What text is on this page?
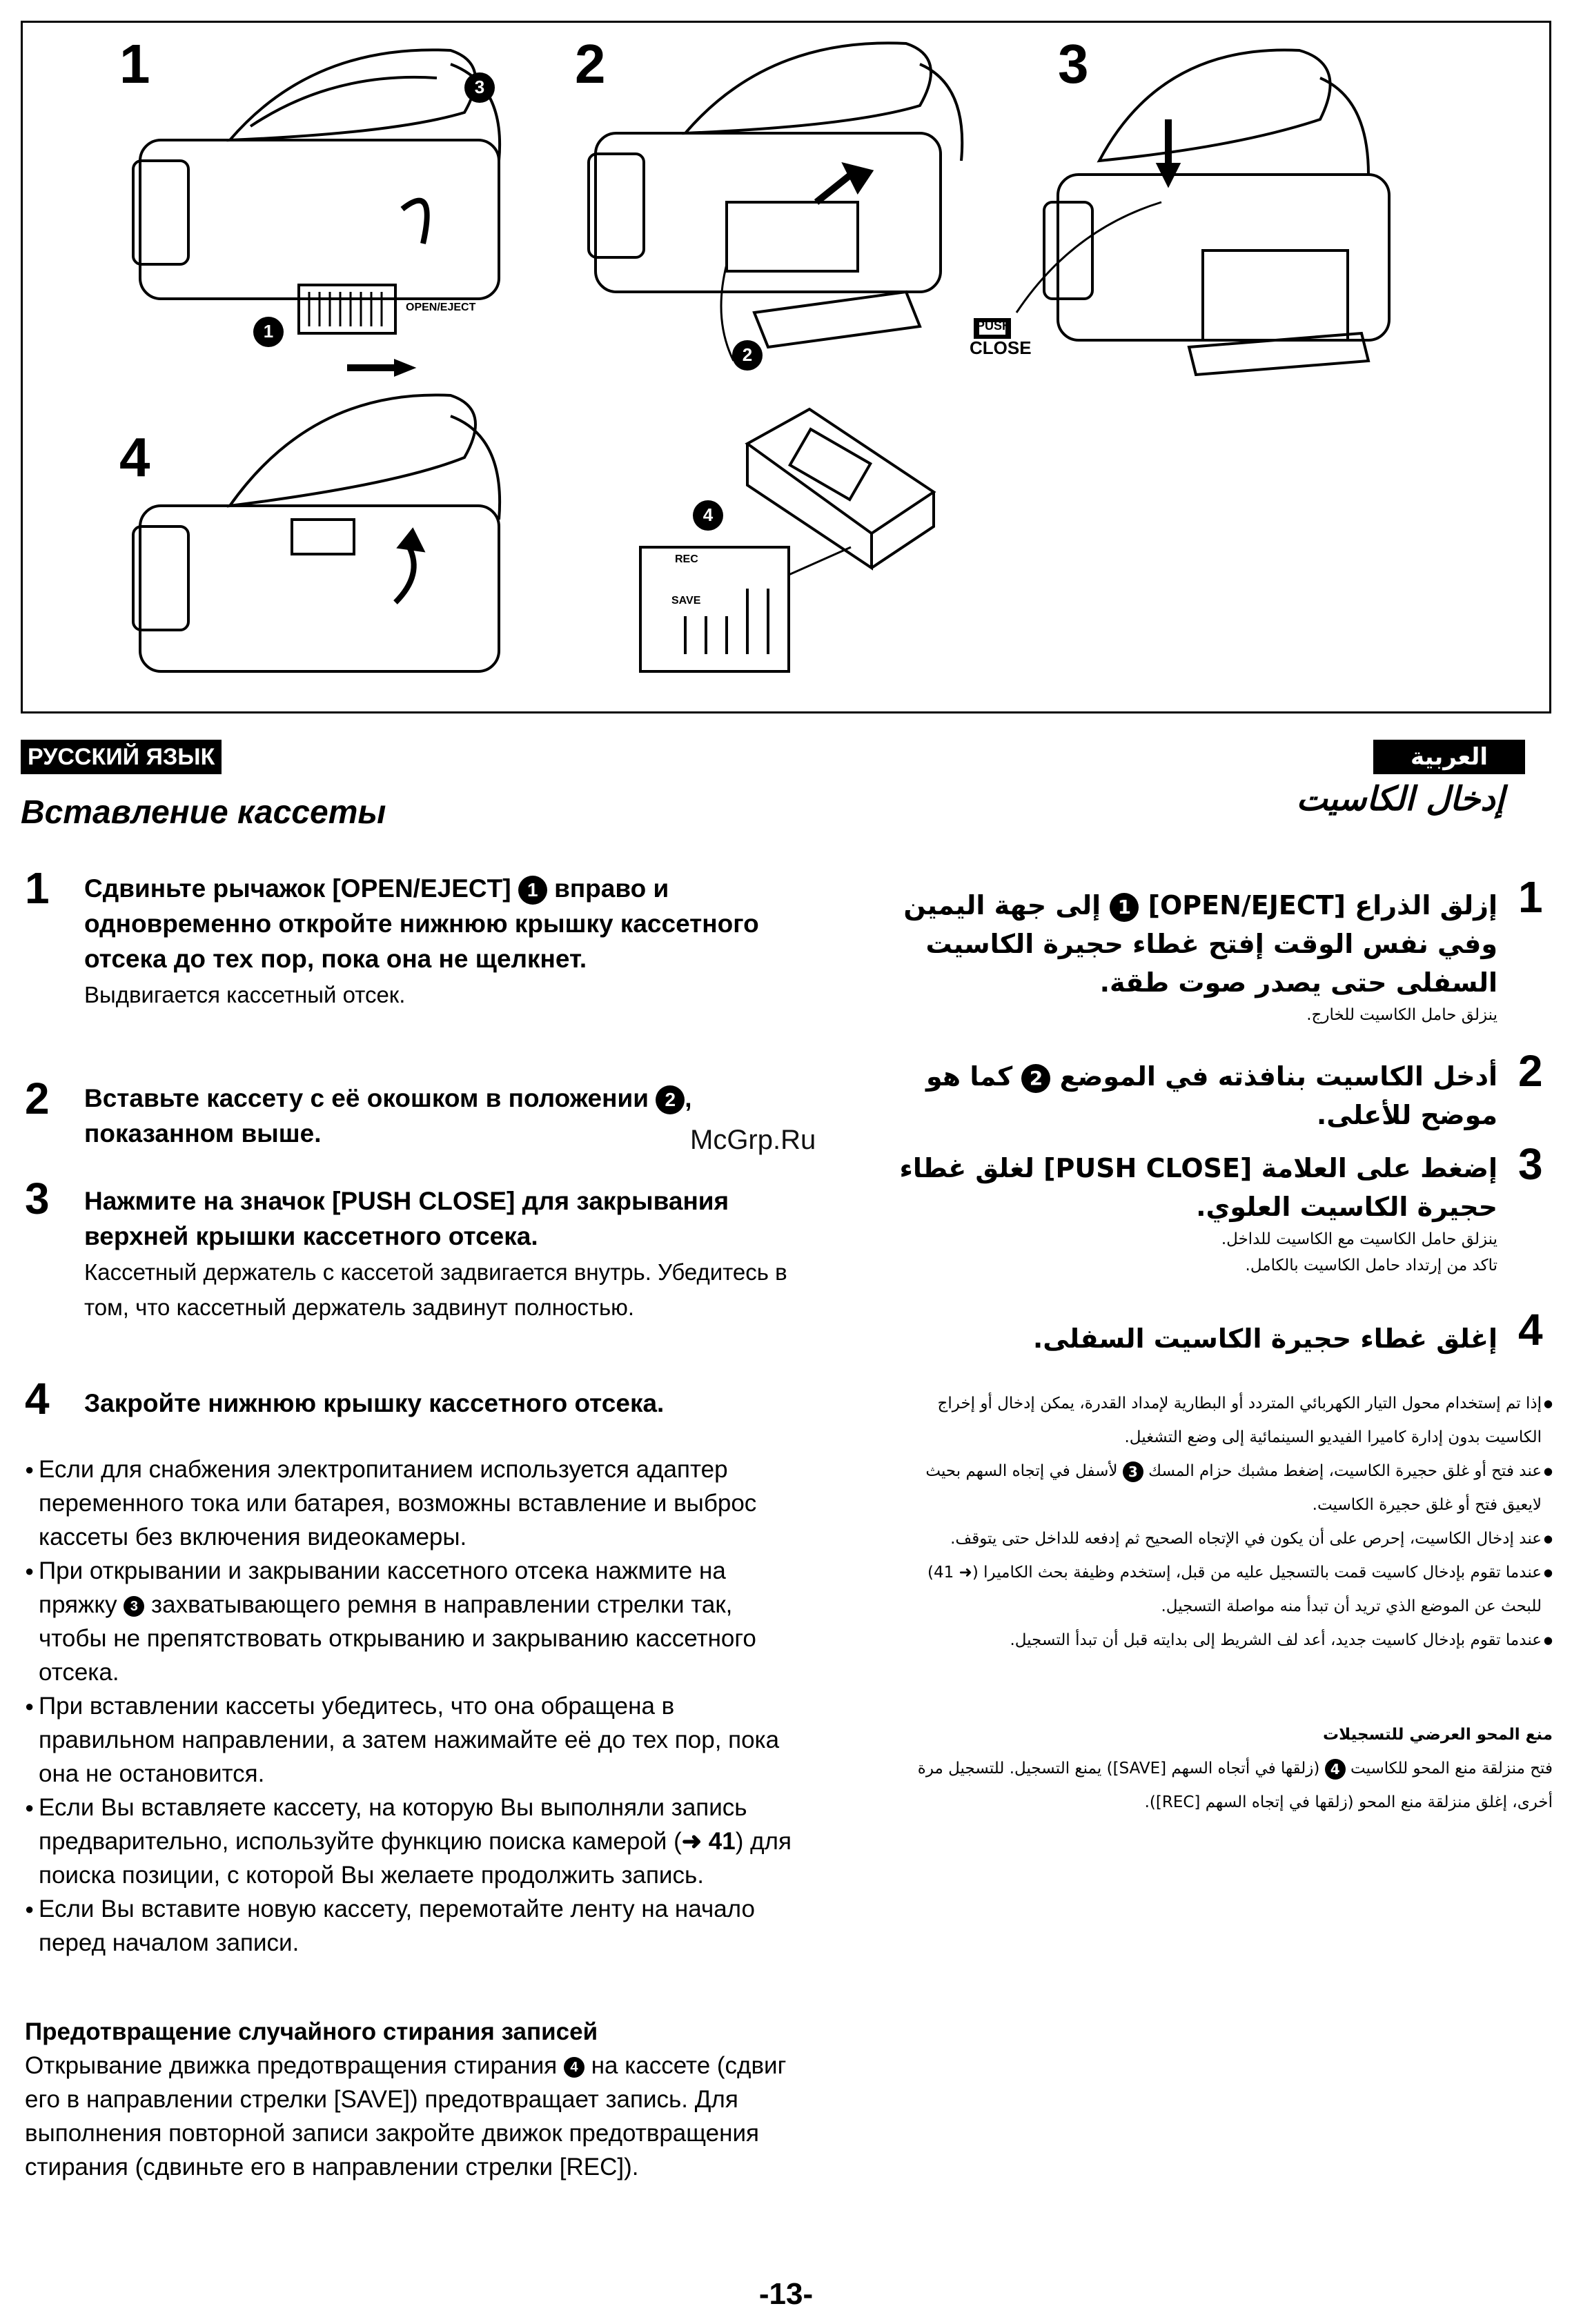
1	2	3
4
1
2
3
4
OPEN/EJECT
PUSH
CLOSE
REC
SAVE
РУССКИЙ ЯЗЫК	العربية
Вставление кассеты
1 Сдвиньте рычажок [OPEN/EJECT] 1 вправо и одновременно откройте нижнюю крышку кассетного отсека до тех пор, пока она не щелкнет.
Выдвигается кассетный отсек.
2 Вставьте кассету с её окошком в положении 2 , показанном выше.
3 Нажмите на значок [PUSH CLOSE] для закрывания верхней крышки кассетного отсека.
Кассетный держатель с кассетой задвигается внутрь. Убедитесь в том, что кассетный держатель задвинут полностью.
4 Закройте нижнюю крышку кассетного отсека.
● Если для снабжения электропитанием используется адаптер переменного тока или батарея, возможны вставление и выброс кассеты без включения видеокамеры.
● При открывании и закрывании кассетного отсека нажмите на пряжку 3 захватывающего ремня в направлении стрелки так, чтобы не препятствовать открыванию и закрыванию кассетного отсека.
● При вставлении кассеты убедитесь, что она обращена в правильном направлении, а затем нажимайте её до тех пор, пока она не остановится.
● Если Вы вставляете кассету, на которую Вы выполняли запись предварительно, используйте функцию поиска камерой (➜ 41) для поиска позиции, с которой Вы желаете продолжить запись.
● Если Вы вставите новую кассету, перемотайте ленту на начало перед началом записи.
Предотвращение случайного стирания записей
Открывание движка предотвращения стирания 4 на кассете (сдвиг его в направлении стрелки [SAVE]) предотвращает запись. Для выполнения повторной записи закройте движок предотвращения стирания (сдвиньте его в направлении стрелки [REC]).
إدخال الكاسيت
1
إزلق الذراع [OPEN/EJECT] 1 إلى جهة اليمين وفي نفس الوقت إفتح غطاء حجيرة الكاسيت السفلى حتى يصدر صوت طقة.
ينزلق حامل الكاسيت للخارج.
2
أدخل الكاسيت بنافذته في الموضع 2 كما هو موضح للأعلى.
3
إضغط على العلامة [PUSH CLOSE] لغلق غطاء حجيرة الكاسيت العلوي.
ينزلق حامل الكاسيت مع الكاسيت للداخل.
تاكد من إرتداد حامل الكاسيت بالكامل.
4
إغلق غطاء حجيرة الكاسيت السفلى.
● إذا تم إستخدام محول التيار الكهربائي المتردد أو البطارية لإمداد القدرة، يمكن إدخال أو إخراج الكاسيت بدون إدارة كاميرا الفيديو السينمائية إلى وضع التشغيل.
● عند فتح أو غلق حجيرة الكاسيت، إضغط مشبك حزام المسك 3 لأسفل في إتجاه السهم بحيث لايعيق فتح أو غلق حجيرة الكاسيت.
● عند إدخال الكاسيت، إحرص على أن يكون في الإتجاه الصحيح ثم إدفعه للداخل حتى يتوقف.
● عندما تقوم بإدخال كاسيت قمت بالتسجيل عليه من قبل، إستخدم وظيفة بحث الكاميرا (➜ 41) للبحث عن الموضع الذي تريد أن تبدأ منه مواصلة التسجيل.
● عندما تقوم بإدخال كاسيت جديد، أعد لف الشريط إلى بدايته قبل أن تبدأ التسجيل.
منع المحو العرضي للتسجيلات
فتح منزلقة منع المحو للكاسيت 4 (زلقها في أتجاه السهم [SAVE]) يمنع التسجيل. للتسجيل مرة أخرى، إغلق منزلقة منع المحو (زلقها في إتجاه السهم [REC]).
McGrp.Ru
-13-
